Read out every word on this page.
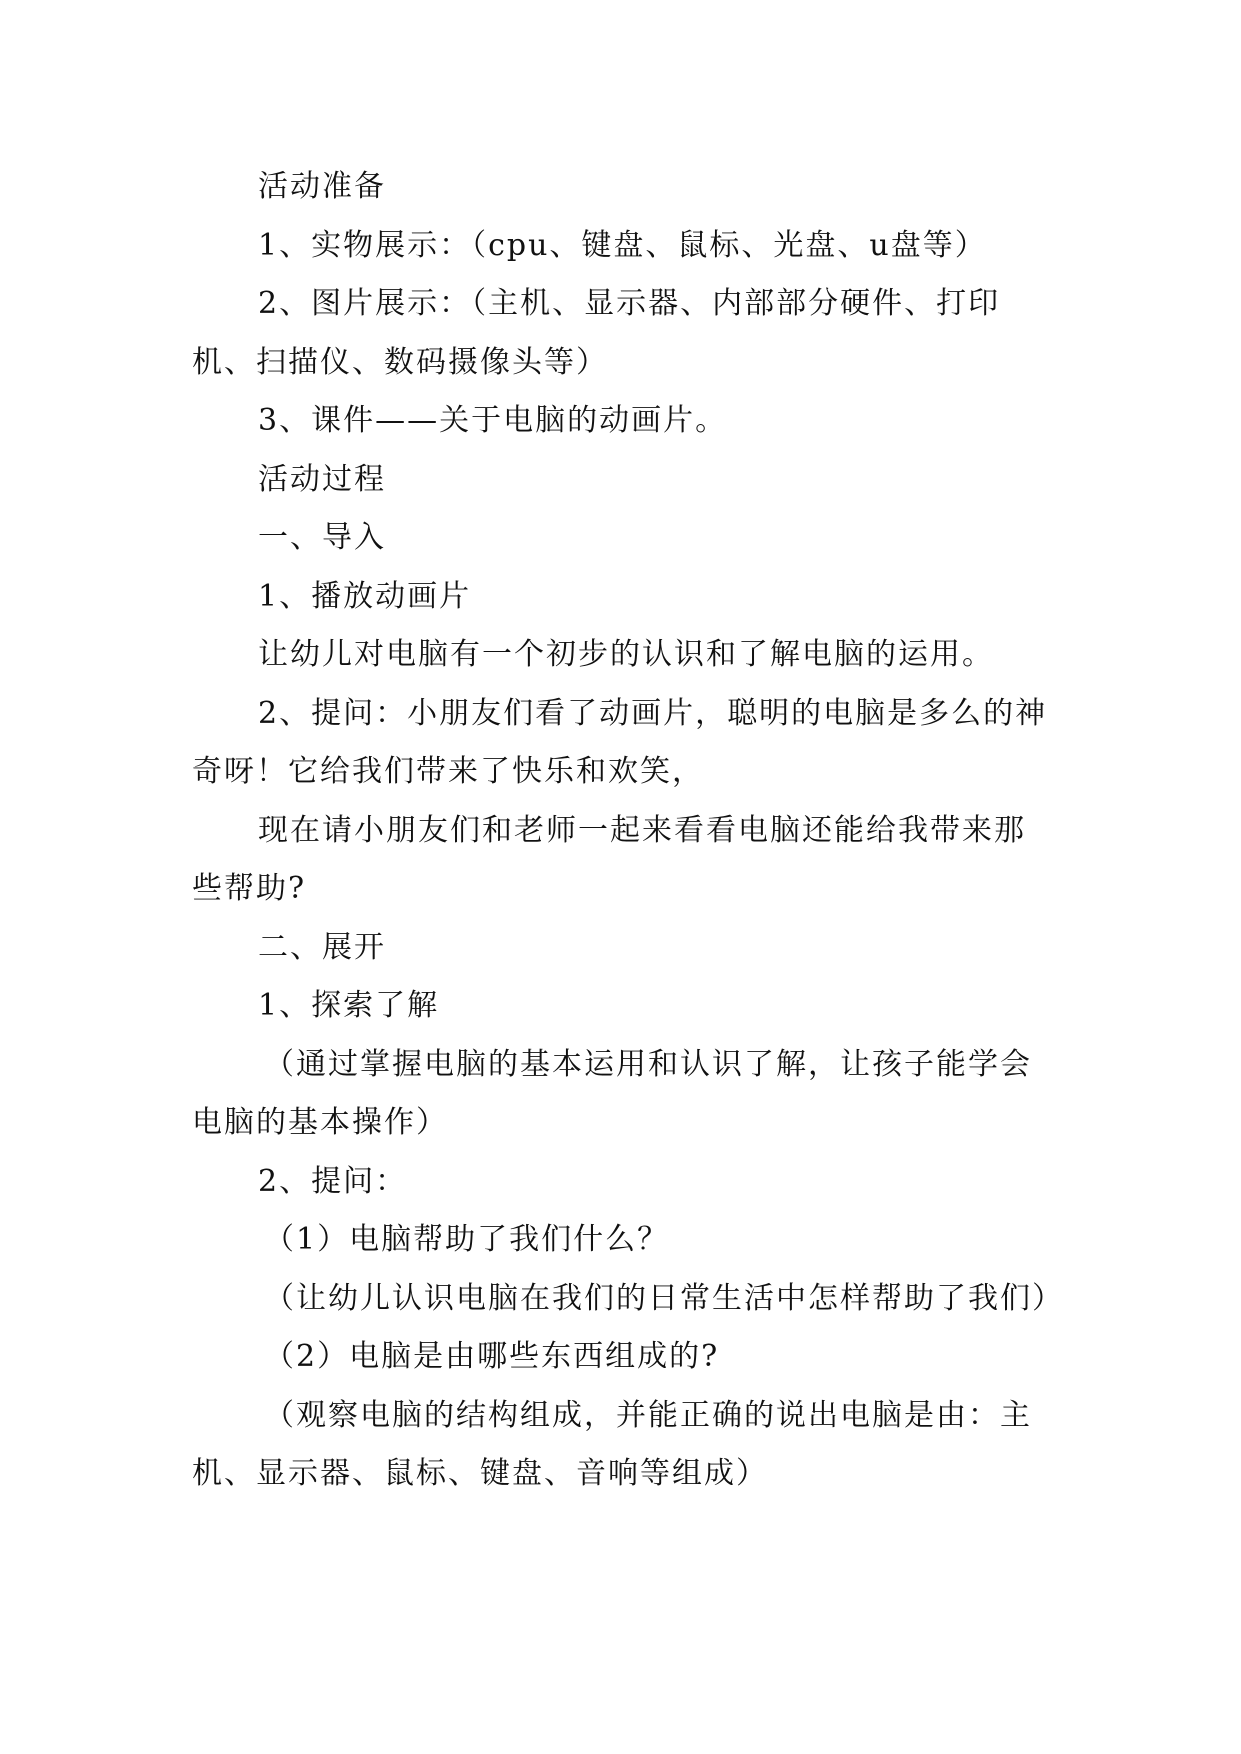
活动准备

1、实物展示：（cpu、键盘、鼠标、光盘、u盘等）

2、图片展示：（主机、显示器、内部部分硬件、打印机、扫描仪、数码摄像头等）

3、课件——关于电脑的动画片。

活动过程

一、导入

1、播放动画片

让幼儿对电脑有一个初步的认识和了解电脑的运用。

2、提问：小朋友们看了动画片，聪明的电脑是多么的神奇呀！它给我们带来了快乐和欢笑，

现在请小朋友们和老师一起来看看电脑还能给我带来那些帮助?

二、展开

1、探索了解

（通过掌握电脑的基本运用和认识了解，让孩子能学会电脑的基本操作）

2、提问：

（1）电脑帮助了我们什么？

（让幼儿认识电脑在我们的日常生活中怎样帮助了我们）

（2）电脑是由哪些东西组成的?

（观察电脑的结构组成，并能正确的说出电脑是由：主机、显示器、鼠标、键盘、音响等组成）
